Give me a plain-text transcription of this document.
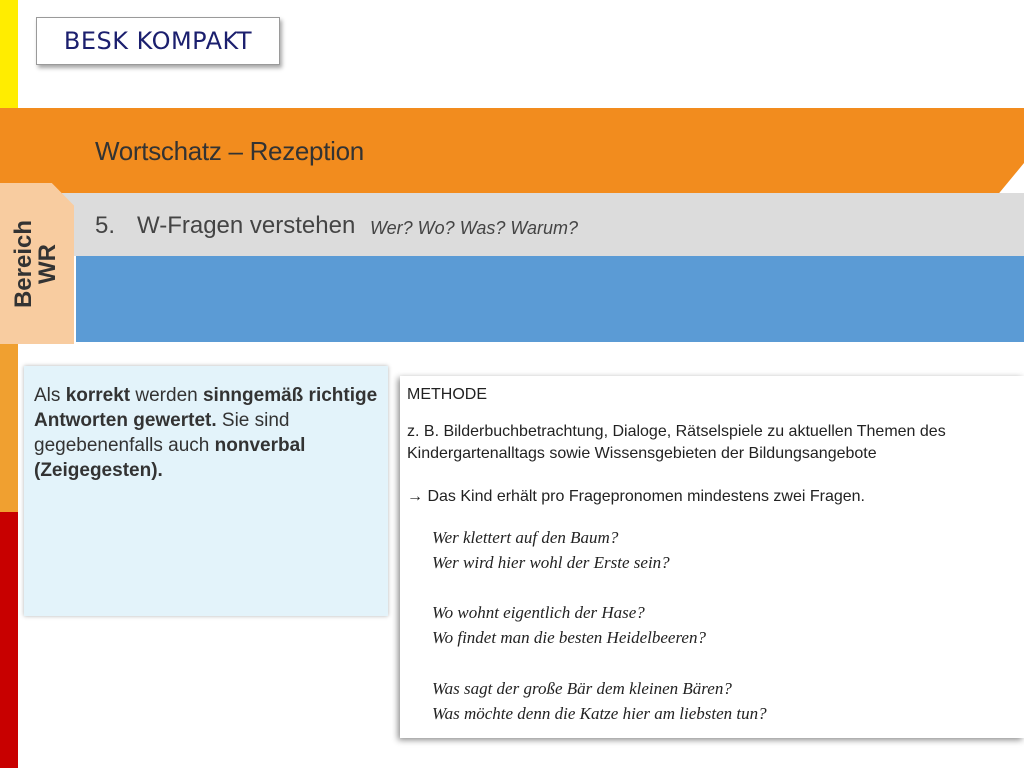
BESK KOMPAKT
Wortschatz – Rezeption
5. W-Fragen verstehen Wer? Wo? Was? Warum?
Bereich
WR
Als korrekt werden sinngemäß richtige Antworten gewertet. Sie sind gegebenenfalls auch nonverbal (Zeigegesten).
METHODE
z. B. Bilderbuchbetrachtung, Dialoge, Rätselspiele zu aktuellen Themen des Kindergartenalltags sowie Wissensgebieten der Bildungsangebote
→ Das Kind erhält pro Fragepronomen mindestens zwei Fragen.
Wer klettert auf den Baum?
Wer wird hier wohl der Erste sein?
Wo wohnt eigentlich der Hase?
Wo findet man die besten Heidelbeeren?
Was sagt der große Bär dem kleinen Bären?
Was möchte denn die Katze hier am liebsten tun?
